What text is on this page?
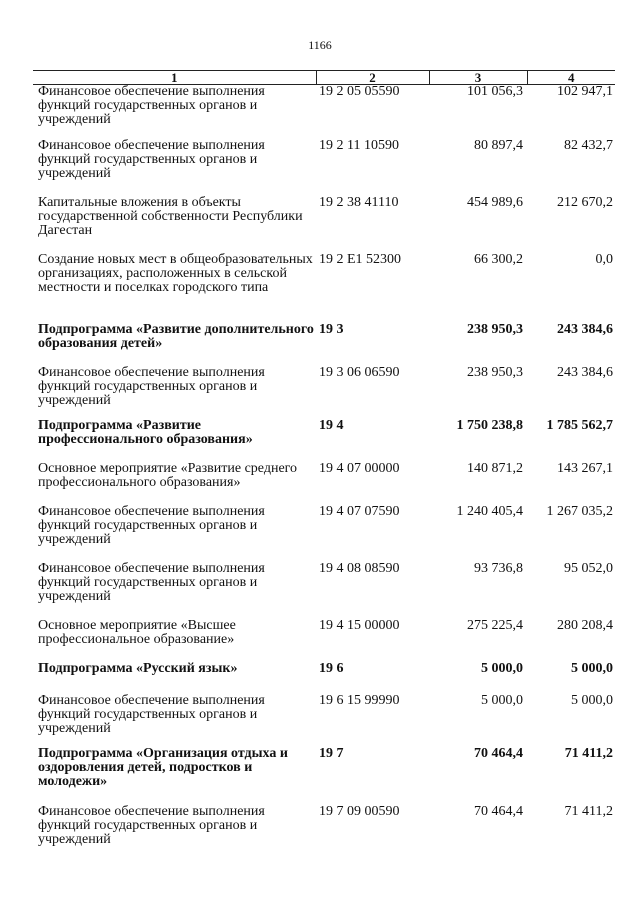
1166
1	2	3	4
Финансовое обеспечение выполнения функций государственных органов и учреждений	19 2 05 05590	101 056,3	102 947,1
Финансовое обеспечение выполнения функций государственных органов и учреждений	19 2 11 10590	80 897,4	82 432,7
Капитальные вложения в объекты государственной собственности Республики Дагестан	19 2 38 41110	454 989,6	212 670,2
Создание новых мест в общеобразовательных организациях, расположенных в сельской местности и поселках городского типа	19 2 E1 52300	66 300,2	0,0
Подпрограмма «Развитие дополнительного образования детей»	19 3	238 950,3	243 384,6
Финансовое обеспечение выполнения функций государственных органов и учреждений	19 3 06 06590	238 950,3	243 384,6
Подпрограмма «Развитие профессионального образования»	19 4	1 750 238,8	1 785 562,7
Основное мероприятие «Развитие среднего профессионального образования»	19 4 07 00000	140 871,2	143 267,1
Финансовое обеспечение выполнения функций государственных органов и учреждений	19 4 07 07590	1 240 405,4	1 267 035,2
Финансовое обеспечение выполнения функций государственных органов и учреждений	19 4 08 08590	93 736,8	95 052,0
Основное мероприятие «Высшее профессиональное образование»	19 4 15 00000	275 225,4	280 208,4
Подпрограмма «Русский язык»	19 6	5 000,0	5 000,0
Финансовое обеспечение выполнения функций государственных органов и учреждений	19 6 15 99990	5 000,0	5 000,0
Подпрограмма «Организация отдыха и оздоровления детей, подростков и молодежи»	19 7	70 464,4	71 411,2
Финансовое обеспечение выполнения функций государственных органов и учреждений	19 7 09 00590	70 464,4	71 411,2
